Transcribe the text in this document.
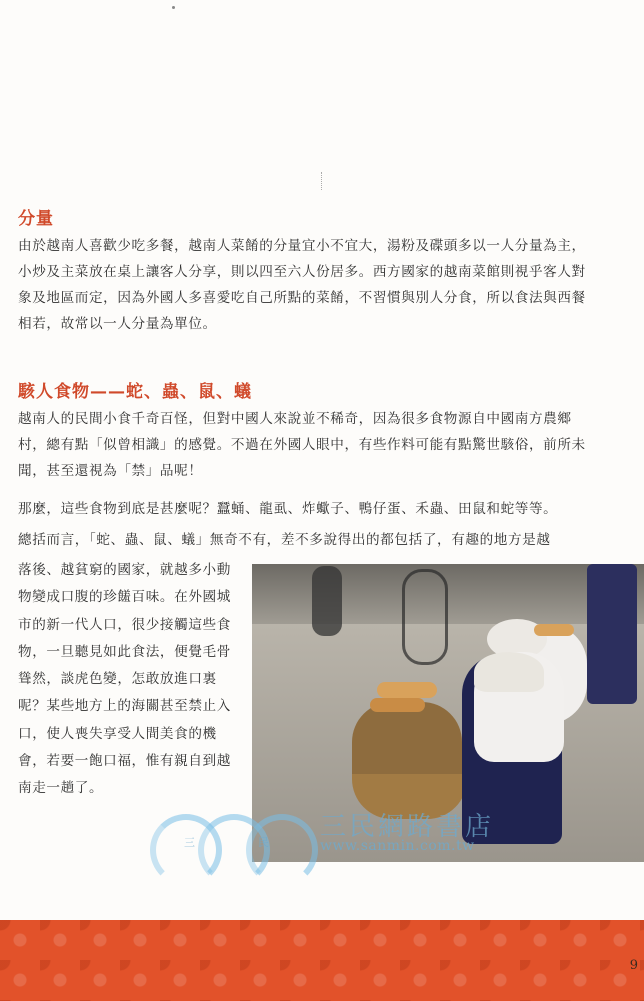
分量

由於越南人喜歡少吃多餐，越南人菜餚的分量宜小不宜大，湯粉及碟頭多以一人分量為主，小炒及主菜放在桌上讓客人分享，則以四至六人份居多。西方國家的越南菜館則視乎客人對象及地區而定，因為外國人多喜愛吃自己所點的菜餚，不習慣與別人分食，所以食法與西餐相若，故常以一人分量為單位。

駭人食物——蛇、蟲、鼠、蟻

越南人的民間小食千奇百怪，但對中國人來說並不稀奇，因為很多食物源自中國南方農鄉村，總有點「似曾相識」的感覺。不過在外國人眼中，有些作料可能有點驚世駭俗，前所未聞，甚至還視為「禁」品呢！

那麼，這些食物到底是甚麼呢？蠶蛹、龍虱、炸蠍子、鴨仔蛋、禾蟲、田鼠和蛇等等。

總括而言，「蛇、蟲、鼠、蟻」無奇不有，差不多說得出的都包括了，有趣的地方是越

落後、越貧窮的國家，就越多小動物變成口腹的珍饈百味。在外國城市的新一代人口，很少接觸這些食物，一旦聽見如此食法，便覺毛骨聳然，談虎色變，怎敢放進口裏呢？某些地方上的海關甚至禁止入口，使人喪失享受人間美食的機會，若要一飽口福，惟有親自到越南走一趟了。

三	民
三民網路書店
www.sanmin.com.tw
9
